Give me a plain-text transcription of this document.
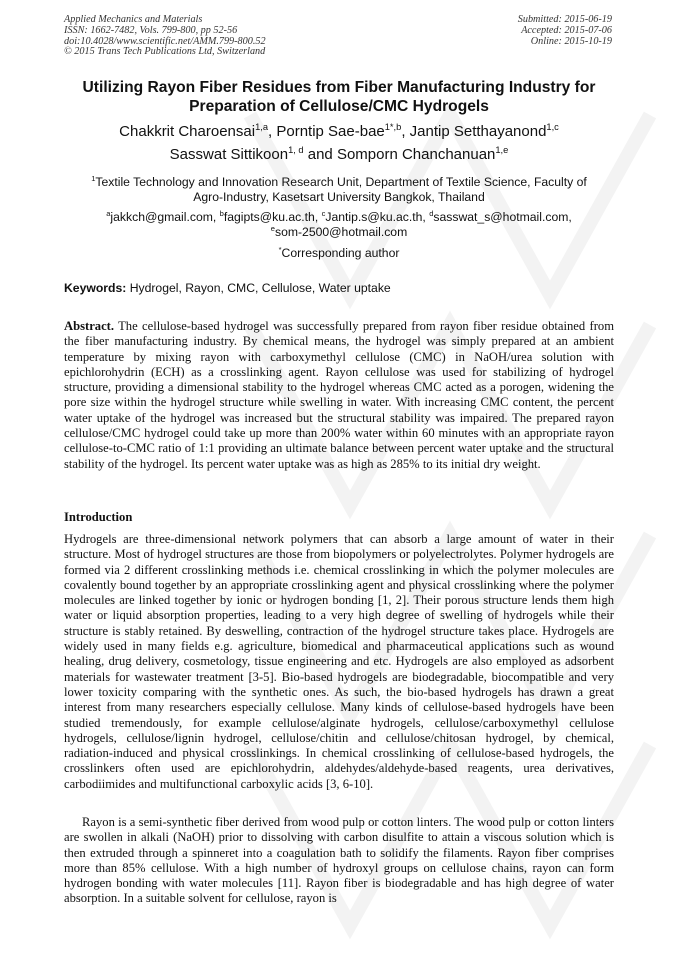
Applied Mechanics and Materials
ISSN: 1662-7482, Vols. 799-800, pp 52-56
doi:10.4028/www.scientific.net/AMM.799-800.52
© 2015 Trans Tech Publications Ltd, Switzerland
Submitted: 2015-06-19
Accepted: 2015-07-06
Online: 2015-10-19
Utilizing Rayon Fiber Residues from Fiber Manufacturing Industry for
Preparation of Cellulose/CMC Hydrogels
Chakkrit Charoensai$^{1,a}$, Porntip Sae-bae$^{1*,b}$, Jantip Setthayanond$^{1,c}$
Sasswat Sittikoon$^{1, d}$ and Somporn Chanchanuan$^{1,e}$
$^1$Textile Technology and Innovation Research Unit, Department of Textile Science, Faculty of
Agro-Industry, Kasetsart University Bangkok, Thailand
$^a$jakkch@gmail.com, $^b$fagipts@ku.ac.th, $^c$Jantip.s@ku.ac.th, $^d$sasswat_s@hotmail.com,
$^e$som-2500@hotmail.com
*Corresponding author
Keywords: Hydrogel, Rayon, CMC, Cellulose, Water uptake

Abstract. The cellulose-based hydrogel was successfully prepared from rayon fiber residue obtained from the fiber manufacturing industry. By chemical means, the hydrogel was simply prepared at an ambient temperature by mixing rayon with carboxymethyl cellulose (CMC) in NaOH/urea solution with epichlorohydrin (ECH) as a crosslinking agent. Rayon cellulose was used for stabilizing of hydrogel structure, providing a dimensional stability to the hydrogel whereas CMC acted as a porogen, widening the pore size within the hydrogel structure while swelling in water. With increasing CMC content, the percent water uptake of the hydrogel was increased but the structural stability was impaired. The prepared rayon cellulose/CMC hydrogel could take up more than 200% water within 60 minutes with an appropriate rayon cellulose-to-CMC ratio of 1:1 providing an ultimate balance between percent water uptake and the structural stability of the hydrogel. Its percent water uptake was as high as 285% to its initial dry weight.

Introduction

Hydrogels are three-dimensional network polymers that can absorb a large amount of water in their structure. Most of hydrogel structures are those from biopolymers or polyelectrolytes. Polymer hydrogels are formed via 2 different crosslinking methods i.e. chemical crosslinking in which the polymer molecules are covalently bound together by an appropriate crosslinking agent and physical crosslinking where the polymer molecules are linked together by ionic or hydrogen bonding [1, 2]. Their porous structure lends them high water or liquid absorption properties, leading to a very high degree of swelling of hydrogels while their structure is stably retained. By deswelling, contraction of the hydrogel structure takes place. Hydrogels are widely used in many fields e.g. agriculture, biomedical and pharmaceutical applications such as wound healing, drug delivery, cosmetology, tissue engineering and etc. Hydrogels are also employed as adsorbent materials for wastewater treatment [3-5]. Bio-based hydrogels are biodegradable, biocompatible and very lower toxicity comparing with the synthetic ones. As such, the bio-based hydrogels has drawn a great interest from many researchers especially cellulose. Many kinds of cellulose-based hydrogels have been studied tremendously, for example cellulose/alginate hydrogels, cellulose/carboxymethyl cellulose hydrogels, cellulose/lignin hydrogel, cellulose/chitin and cellulose/chitosan hydrogel, by chemical, radiation-induced and physical crosslinkings. In chemical crosslinking of cellulose-based hydrogels, the crosslinkers often used are epichlorohydrin, aldehydes/aldehyde-based reagents, urea derivatives, carbodiimides and multifunctional carboxylic acids [3, 6-10].

Rayon is a semi-synthetic fiber derived from wood pulp or cotton linters. The wood pulp or cotton linters are swollen in alkali (NaOH) prior to dissolving with carbon disulfite to attain a viscous solution which is then extruded through a spinneret into a coagulation bath to solidify the filaments. Rayon fiber comprises more than 85% cellulose. With a high number of hydroxyl groups on cellulose chains, rayon can form hydrogen bonding with water molecules [11]. Rayon fiber is biodegradable and has high degree of water absorption. In a suitable solvent for cellulose, rayon is
